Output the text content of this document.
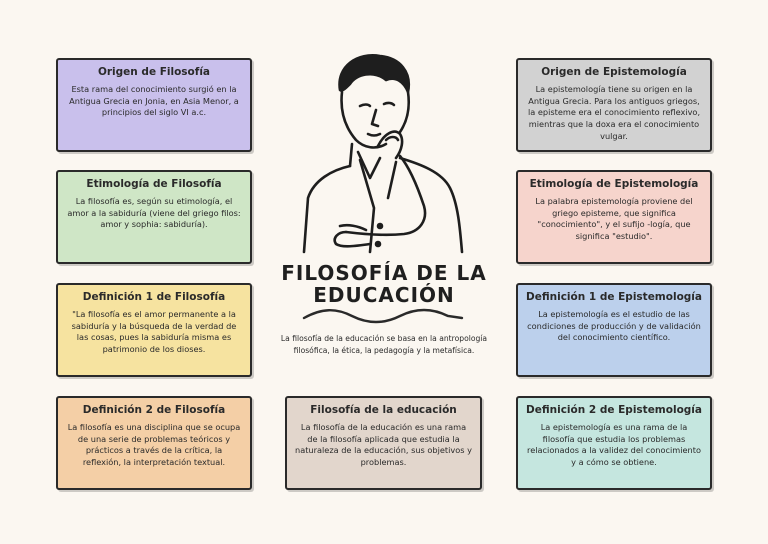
Origen de Filosofía

Esta rama del conocimiento surgió en la Antigua Grecia en Jonia, en Asia Menor, a principios del siglo VI a.c.

Etimología de Filosofía

La filosofía es, según su etimología, el amor a la sabiduría (viene del griego filos: amor y sophia: sabiduría).

Definición 1 de Filosofía

"La filosofía es el amor permanente a la sabiduría y la búsqueda de la verdad de las cosas, pues la sabiduría misma es patrimonio de los dioses.

Definición 2 de Filosofía

La filosofía es una disciplina que se ocupa de una serie de problemas teóricos y prácticos a través de la crítica, la reflexión, la interpretación textual.

FILOSOFÍA DE LA EDUCACIÓN

La filosofía de la educación se basa en la antropología filosófica, la ética, la pedagogía y la metafísica.

Filosofía de la educación

La filosofía de la educación es una rama de la filosofía aplicada que estudia la naturaleza de la educación, sus objetivos y problemas.

Origen de Epistemología

La epistemología tiene su origen en la Antigua Grecia. Para los antiguos griegos, la episteme era el conocimiento reflexivo, mientras que la doxa era el conocimiento vulgar.

Etimología de Epistemología

La palabra epistemología proviene del griego episteme, que significa "conocimiento", y el sufijo -logía, que significa "estudio".

Definición 1 de Epistemología

La epistemología es el estudio de las condiciones de producción y de validación del conocimiento científico.

Definición 2 de Epistemología

La epistemología es una rama de la filosofía que estudia los problemas relacionados a la validez del conocimiento y a cómo se obtiene.
